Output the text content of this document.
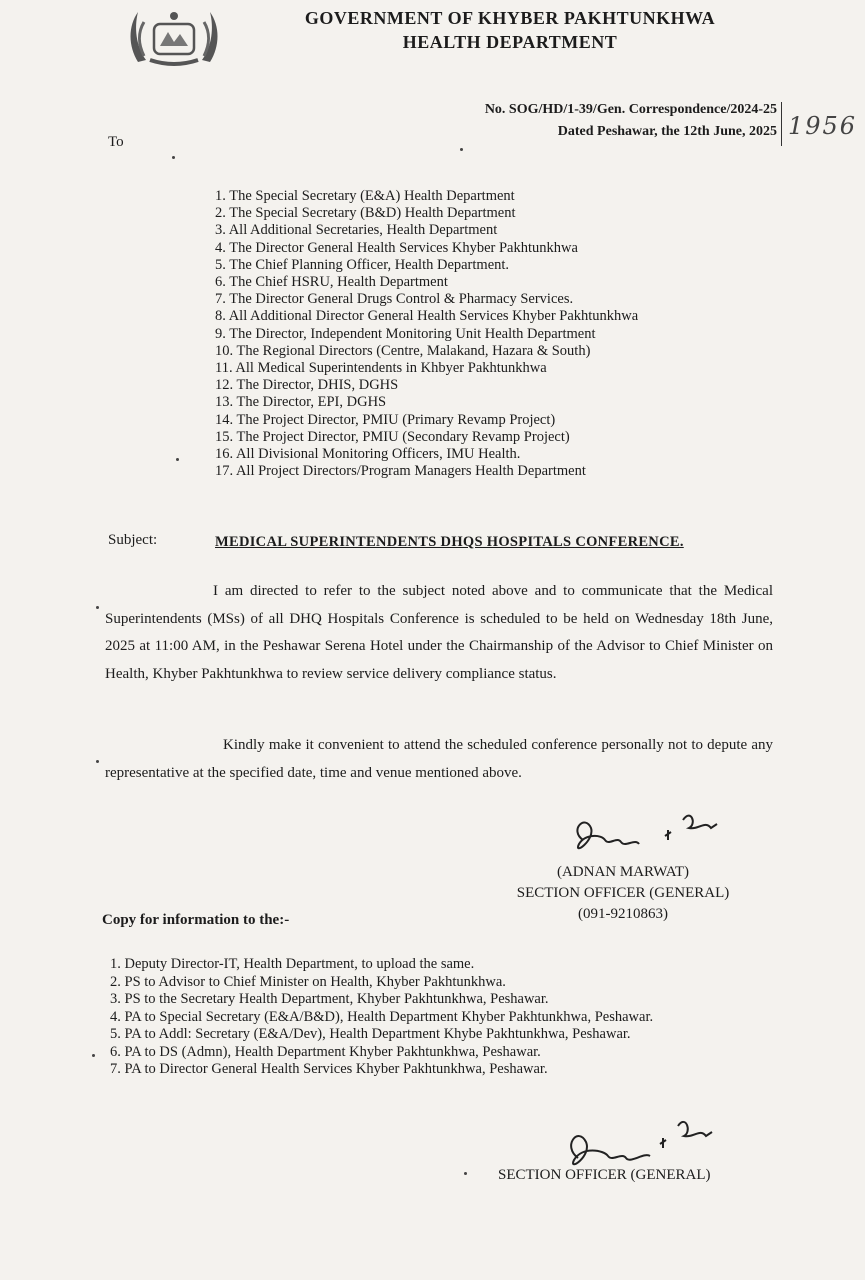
GOVERNMENT OF KHYBER PAKHTUNKHWA
HEALTH DEPARTMENT
No. SOG/HD/1-39/Gen. Correspondence/2024-25
Dated Peshawar, the 12th June, 2025 1956
To
1. The Special Secretary (E&A) Health Department
2. The Special Secretary (B&D) Health Department
3. All Additional Secretaries, Health Department
4. The Director General Health Services Khyber Pakhtunkhwa
5. The Chief Planning Officer, Health Department.
6. The Chief HSRU, Health Department
7. The Director General Drugs Control & Pharmacy Services.
8. All Additional Director General Health Services Khyber Pakhtunkhwa
9. The Director, Independent Monitoring Unit Health Department
10. The Regional Directors (Centre, Malakand, Hazara & South)
11. All Medical Superintendents in Khbyer Pakhtunkhwa
12. The Director, DHIS, DGHS
13. The Director, EPI, DGHS
14. The Project Director, PMIU (Primary Revamp Project)
15. The Project Director, PMIU (Secondary Revamp Project)
16. All Divisional Monitoring Officers, IMU Health.
17. All Project Directors/Program Managers Health Department
Subject:	MEDICAL SUPERINTENDENTS DHQS HOSPITALS CONFERENCE.
I am directed to refer to the subject noted above and to communicate that the Medical Superintendents (MSs) of all DHQ Hospitals Conference is scheduled to be held on Wednesday 18th June, 2025 at 11:00 AM, in the Peshawar Serena Hotel under the Chairmanship of the Advisor to Chief Minister on Health, Khyber Pakhtunkhwa to review service delivery compliance status.
Kindly make it convenient to attend the scheduled conference personally not to depute any representative at the specified date, time and venue mentioned above.
(ADNAN MARWAT)
SECTION OFFICER (GENERAL)
(091-9210863)
Copy for information to the:-
1. Deputy Director-IT, Health Department, to upload the same.
2. PS to Advisor to Chief Minister on Health, Khyber Pakhtunkhwa.
3. PS to the Secretary Health Department, Khyber Pakhtunkhwa, Peshawar.
4. PA to Special Secretary (E&A/B&D), Health Department Khyber Pakhtunkhwa, Peshawar.
5. PA to Addl: Secretary (E&A/Dev), Health Department Khybe Pakhtunkhwa, Peshawar.
6. PA to DS (Admn), Health Department Khyber Pakhtunkhwa, Peshawar.
7. PA to Director General Health Services Khyber Pakhtunkhwa, Peshawar.
SECTION OFFICER (GENERAL)
